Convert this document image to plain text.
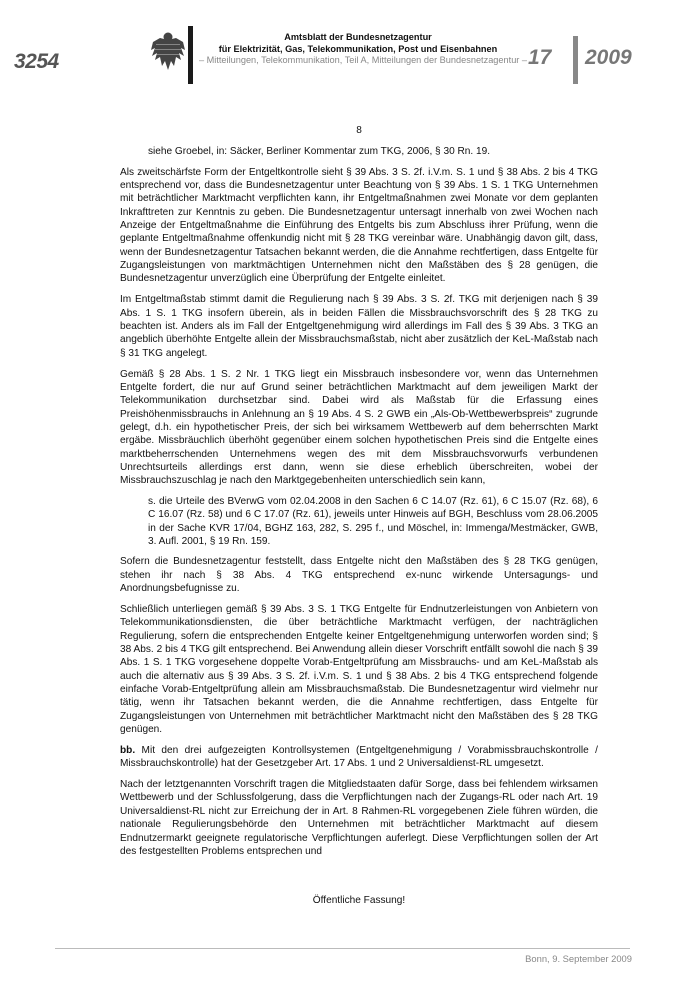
3254
Amtsblatt der Bundesnetzagentur
für Elektrizität, Gas, Telekommunikation, Post und Eisenbahnen
– Mitteilungen, Telekommunikation, Teil A, Mitteilungen der Bundesnetzagentur – 17 2009

8

siehe Groebel, in: Säcker, Berliner Kommentar zum TKG, 2006, § 30 Rn. 19.

Als zweitschärfste Form der Entgeltkontrolle sieht § 39 Abs. 3 S. 2f. i.V.m. S. 1 und § 38 Abs. 2 bis 4 TKG entsprechend vor, dass die Bundesnetzagentur unter Beachtung von § 39 Abs. 1 S. 1 TKG Unternehmen mit beträchtlicher Marktmacht verpflichten kann, ihr Entgeltmaßnahmen zwei Monate vor dem geplanten Inkrafttreten zur Kenntnis zu geben. Die Bundesnetzagentur untersagt innerhalb von zwei Wochen nach Anzeige der Entgeltmaßnahme die Einführung des Entgelts bis zum Abschluss ihrer Prüfung, wenn die geplante Entgeltmaßnahme offenkundig nicht mit § 28 TKG vereinbar wäre. Unabhängig davon gilt, dass, wenn der Bundesnetzagentur Tatsachen bekannt werden, die die Annahme rechtfertigen, dass Entgelte für Zugangsleistungen von marktmächtigen Unternehmen nicht den Maßstäben des § 28 genügen, die Bundesnetzagentur unverzüglich eine Überprüfung der Entgelte einleitet.

Im Entgeltmaßstab stimmt damit die Regulierung nach § 39 Abs. 3 S. 2f. TKG mit derjenigen nach § 39 Abs. 1 S. 1 TKG insofern überein, als in beiden Fällen die Missbrauchsvorschrift des § 28 TKG zu beachten ist. Anders als im Fall der Entgeltgenehmigung wird allerdings im Fall des § 39 Abs. 3 TKG an angeblich überhöhte Entgelte allein der Missbrauchsmaßstab, nicht aber zusätzlich der KeL-Maßstab nach § 31 TKG angelegt.

Gemäß § 28 Abs. 1 S. 2 Nr. 1 TKG liegt ein Missbrauch insbesondere vor, wenn das Unternehmen Entgelte fordert, die nur auf Grund seiner beträchtlichen Marktmacht auf dem jeweiligen Markt der Telekommunikation durchsetzbar sind. Dabei wird als Maßstab für die Erfassung eines Preishöhenmissbrauchs in Anlehnung an § 19 Abs. 4 S. 2 GWB ein „Als-Ob-Wettbewerbspreis“ zugrunde gelegt, d.h. ein hypothetischer Preis, der sich bei wirksamem Wettbewerb auf dem beherrschten Markt ergäbe. Missbräuchlich überhöht gegenüber einem solchen hypothetischen Preis sind die Entgelte eines marktbeherrschenden Unternehmens wegen des mit dem Missbrauchsvorwurfs verbundenen Unrechtsurteils allerdings erst dann, wenn sie diese erheblich überschreiten, wobei der Missbrauchszuschlag je nach den Marktgegebenheiten unterschiedlich sein kann,

s. die Urteile des BVerwG vom 02.04.2008 in den Sachen 6 C 14.07 (Rz. 61), 6 C 15.07 (Rz. 68), 6 C 16.07 (Rz. 58) und 6 C 17.07 (Rz. 61), jeweils unter Hinweis auf BGH, Beschluss vom 28.06.2005 in der Sache KVR 17/04, BGHZ 163, 282, S. 295 f., und Möschel, in: Immenga/Mestmäcker, GWB, 3. Aufl. 2001, § 19 Rn. 159.

Sofern die Bundesnetzagentur feststellt, dass Entgelte nicht den Maßstäben des § 28 TKG genügen, stehen ihr nach § 38 Abs. 4 TKG entsprechend ex-nunc wirkende Untersagungs- und Anordnungsbefugnisse zu.

Schließlich unterliegen gemäß § 39 Abs. 3 S. 1 TKG Entgelte für Endnutzerleistungen von Anbietern von Telekommunikationsdiensten, die über beträchtliche Marktmacht verfügen, der nachträglichen Regulierung, sofern die entsprechenden Entgelte keiner Entgeltgenehmigung unterworfen worden sind; § 38 Abs. 2 bis 4 TKG gilt entsprechend. Bei Anwendung allein dieser Vorschrift entfällt sowohl die nach § 39 Abs. 1 S. 1 TKG vorgesehene doppelte Vorab-Entgeltprüfung am Missbrauchs- und am KeL-Maßstab als auch die alternativ aus § 39 Abs. 3 S. 2f. i.V.m. S. 1 und § 38 Abs. 2 bis 4 TKG entsprechend folgende einfache Vorab-Entgeltprüfung allein am Missbrauchsmaßstab. Die Bundesnetzagentur wird vielmehr nur tätig, wenn ihr Tatsachen bekannt werden, die die Annahme rechtfertigen, dass Entgelte für Zugangsleistungen von Unternehmen mit beträchtlicher Marktmacht nicht den Maßstäben des § 28 TKG genügen.

bb. Mit den drei aufgezeigten Kontrollsystemen (Entgeltgenehmigung / Vorabmissbrauchskontrolle / Missbrauchskontrolle) hat der Gesetzgeber Art. 17 Abs. 1 und 2 Universaldienst-RL umgesetzt.

Nach der letztgenannten Vorschrift tragen die Mitgliedstaaten dafür Sorge, dass bei fehlendem wirksamen Wettbewerb und der Schlussfolgerung, dass die Verpflichtungen nach der Zugangs-RL oder nach Art. 19 Universaldienst-RL nicht zur Erreichung der in Art. 8 Rahmen-RL vorgegebenen Ziele führen würden, die nationale Regulierungsbehörde den Unternehmen mit beträchtlicher Marktmacht auf diesem Endnutzermarkt geeignete regulatorische Verpflichtungen auferlegt. Diese Verpflichtungen sollen der Art des festgestellten Problems entsprechen und

Öffentliche Fassung!
Bonn, 9. September 2009
